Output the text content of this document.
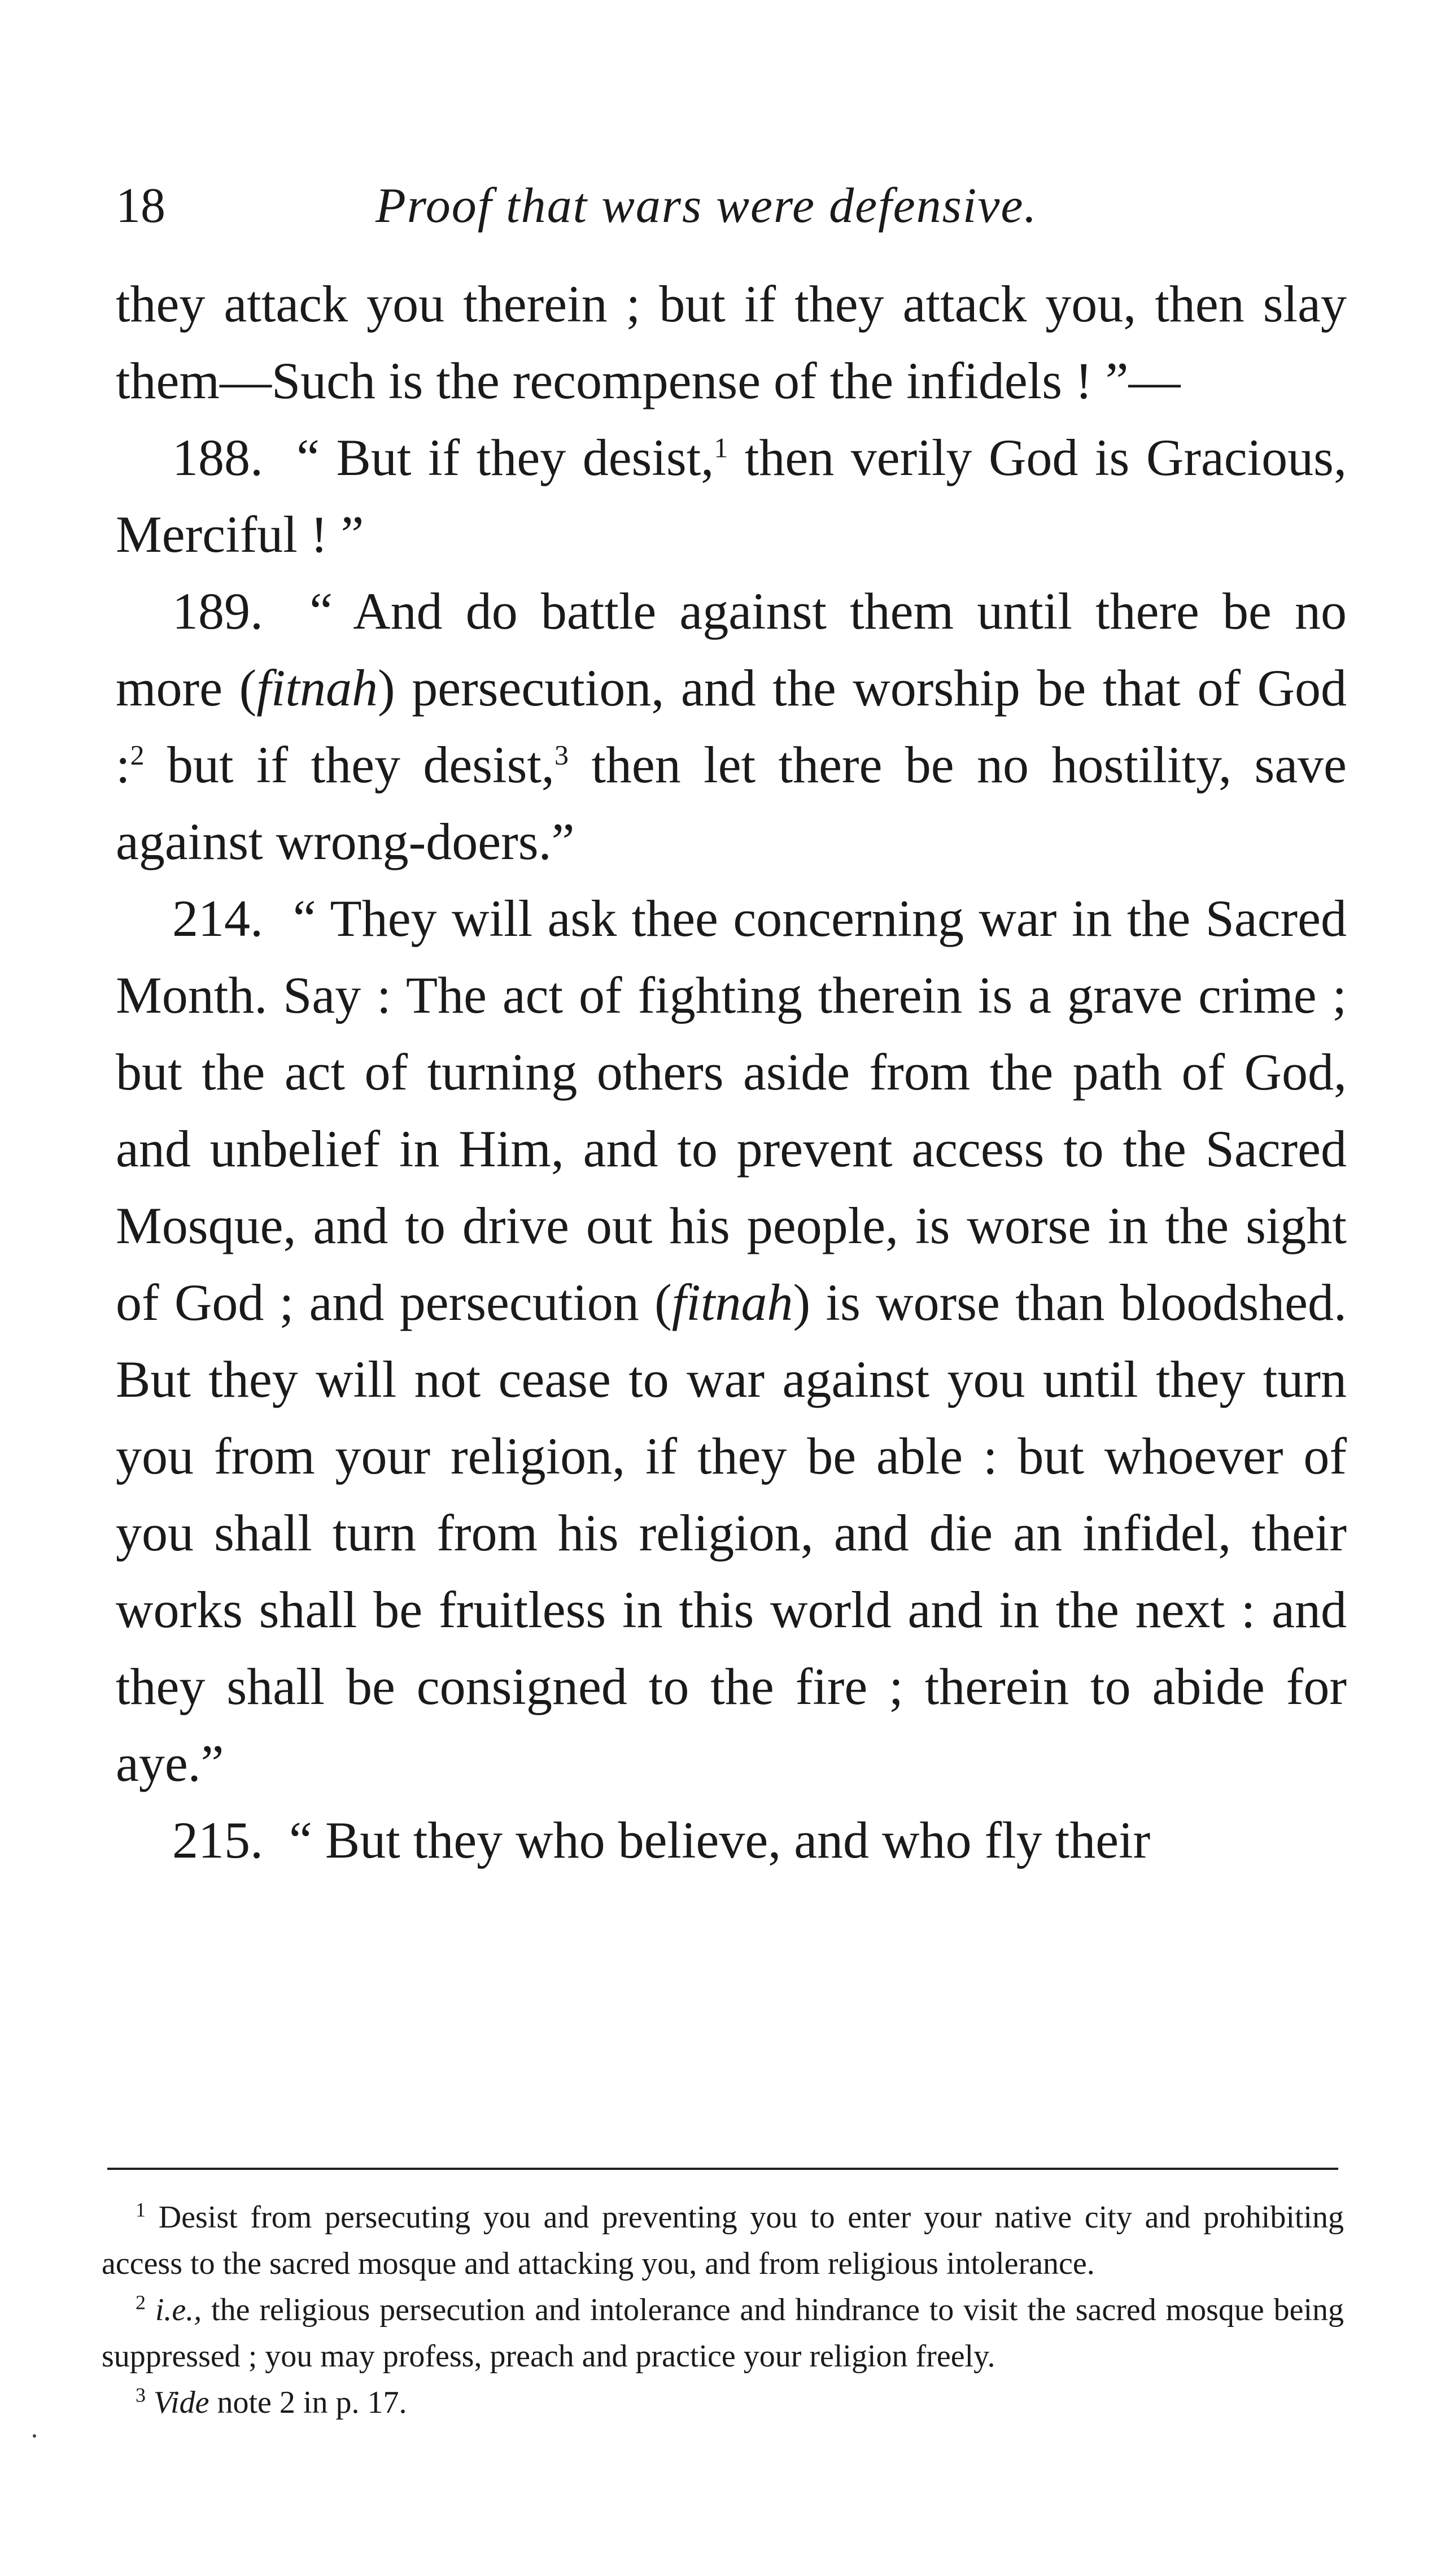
18	Proof that wars were defensive.

they attack you therein ; but if they attack you, then slay them—Such is the recompense of the infidels ! ”—

188. “ But if they desist,$^1$ then verily God is Gracious, Merciful ! ”

189. “ And do battle against them until there be no more (fitnah) persecution, and the worship be that of God :$^2$ but if they desist,$^3$ then let there be no hostility, save against wrong-doers.”

214. “ They will ask thee concerning war in the Sacred Month. Say : The act of fighting therein is a grave crime ; but the act of turning others aside from the path of God, and unbelief in Him, and to prevent access to the Sacred Mosque, and to drive out his people, is worse in the sight of God ; and persecution (fitnah) is worse than bloodshed. But they will not cease to war against you until they turn you from your religion, if they be able : but whoever of you shall turn from his religion, and die an infidel, their works shall be fruitless in this world and in the next : and they shall be consigned to the fire ; therein to abide for aye.”

215. “ But they who believe, and who fly their

$^1$ Desist from persecuting you and preventing you to enter your native city and prohibiting access to the sacred mosque and attacking you, and from religious intolerance.

$^2$ i.e., the religious persecution and intolerance and hindrance to visit the sacred mosque being suppressed ; you may profess, preach and practice your religion freely.

$^3$ Vide note 2 in p. 17.
